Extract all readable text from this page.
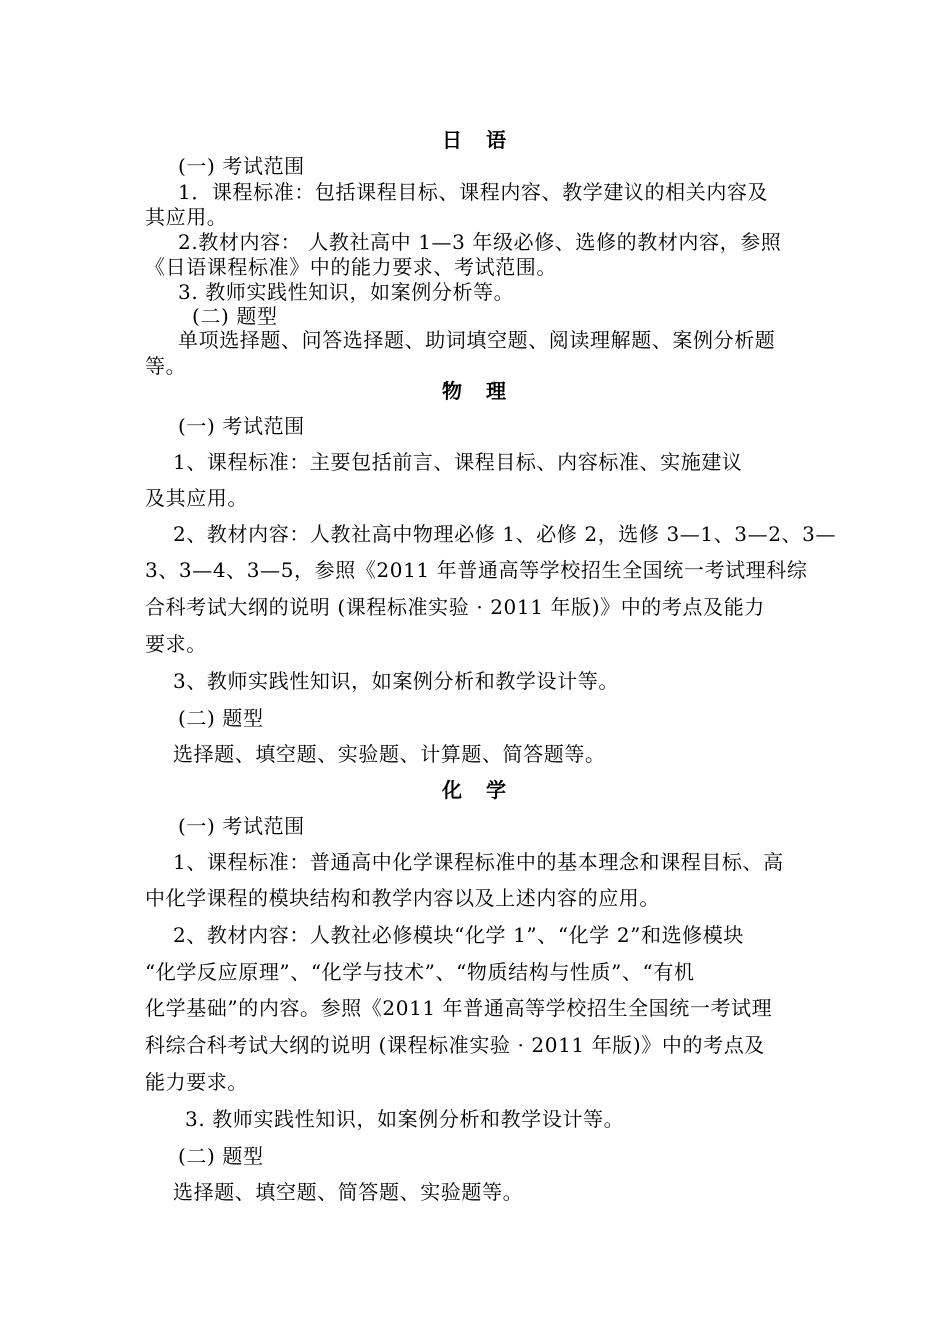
日　语
(一) 考试范围
1．课程标准：包括课程目标、课程内容、教学建议的相关内容及
其应用。
2.教材内容： 人教社高中 1—3 年级必修、选修的教材内容，参照
《日语课程标准》中的能力要求、考试范围。
3. 教师实践性知识，如案例分析等。
(二) 题型
单项选择题、问答选择题、助词填空题、阅读理解题、案例分析题
等。
物　理
(一) 考试范围
1、课程标准：主要包括前言、课程目标、内容标准、实施建议
及其应用。
2、教材内容：人教社高中物理必修 1、必修 2，选修 3—1、3—2、3—
3、3—4、3—5，参照《2011 年普通高等学校招生全国统一考试理科综
合科考试大纲的说明 (课程标准实验 · 2011 年版)》中的考点及能力
要求。
3、教师实践性知识，如案例分析和教学设计等。
(二) 题型
选择题、填空题、实验题、计算题、简答题等。
化　学
(一) 考试范围
1、课程标准：普通高中化学课程标准中的基本理念和课程目标、高
中化学课程的模块结构和教学内容以及上述内容的应用。
2、教材内容：人教社必修模块“化学 1”、“化学 2”和选修模块
“化学反应原理”、“化学与技术”、“物质结构与性质”、“有机
化学基础”的内容。参照《2011 年普通高等学校招生全国统一考试理
科综合科考试大纲的说明 (课程标准实验 · 2011 年版)》中的考点及
能力要求。
3. 教师实践性知识，如案例分析和教学设计等。
(二) 题型
选择题、填空题、简答题、实验题等。
